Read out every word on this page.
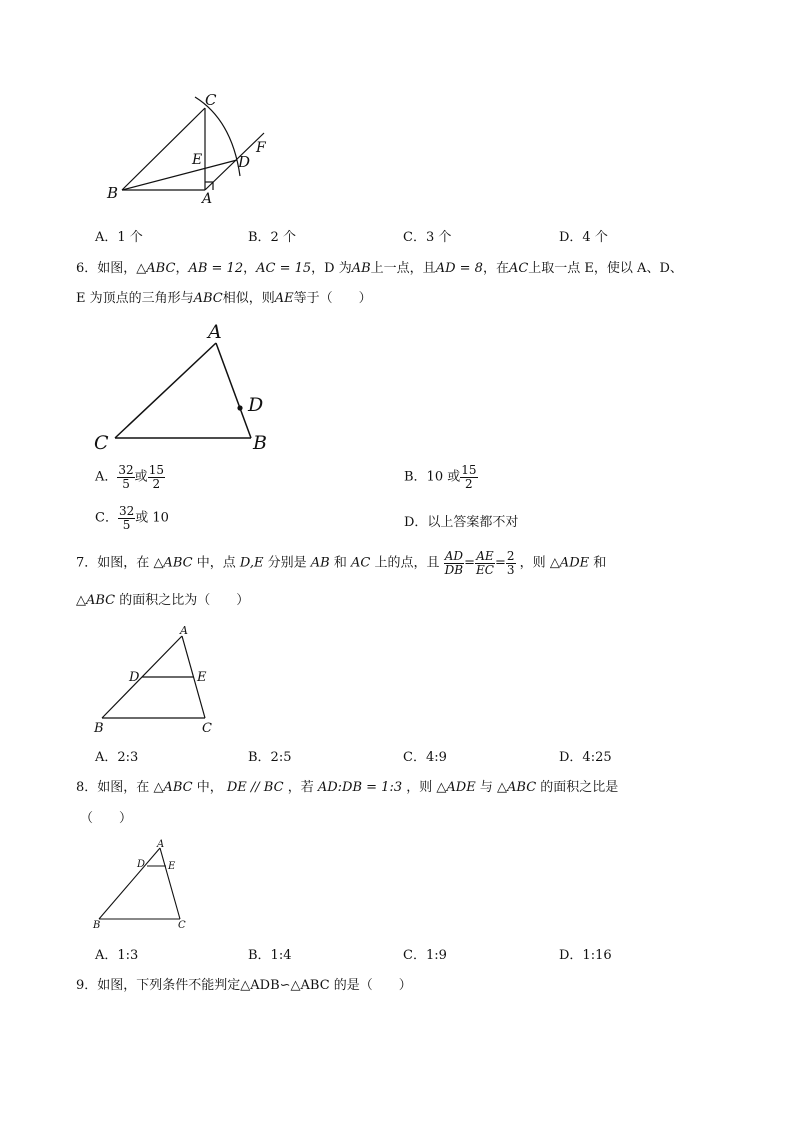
C
E D
F
B	A
A．1 个	B．2 个	C．3 个	D．4 个
6．如图，△ABC，AB = 12，AC = 15，D 为AB上一点，且AD = 8，在AC上取一点 E，使以 A、D、
E 为顶点的三角形与ABC相似，则AE等于（　　）
A
D
C	B
A． $\frac{32}{5}$ 或 $\frac{15}{2}$	B．10 或 $\frac{15}{2}$
C． $\frac{32}{5}$ 或 10	D．以上答案都不对
7．如图，在 △ABC 中，点 D,E 分别是 AB 和 AC 上的点，且 $\frac{AD}{DB} = \frac{AE}{EC} = \frac{2}{3}$ ，则 △ADE 和
△ABC 的面积之比为（　　）
A
D	E
B	C
A．2:3	B．2:5	C．4:9	D．4:25
8．如图，在 △ABC 中， DE // BC ，若 AD:DB = 1:3 ，则 △ADE 与 △ABC 的面积之比是
（　　）
A
D E
B	C
A．1:3	B．1:4	C．1:9	D．1:16
9．如图，下列条件不能判定△ADB∽△ABC 的是（　　）
